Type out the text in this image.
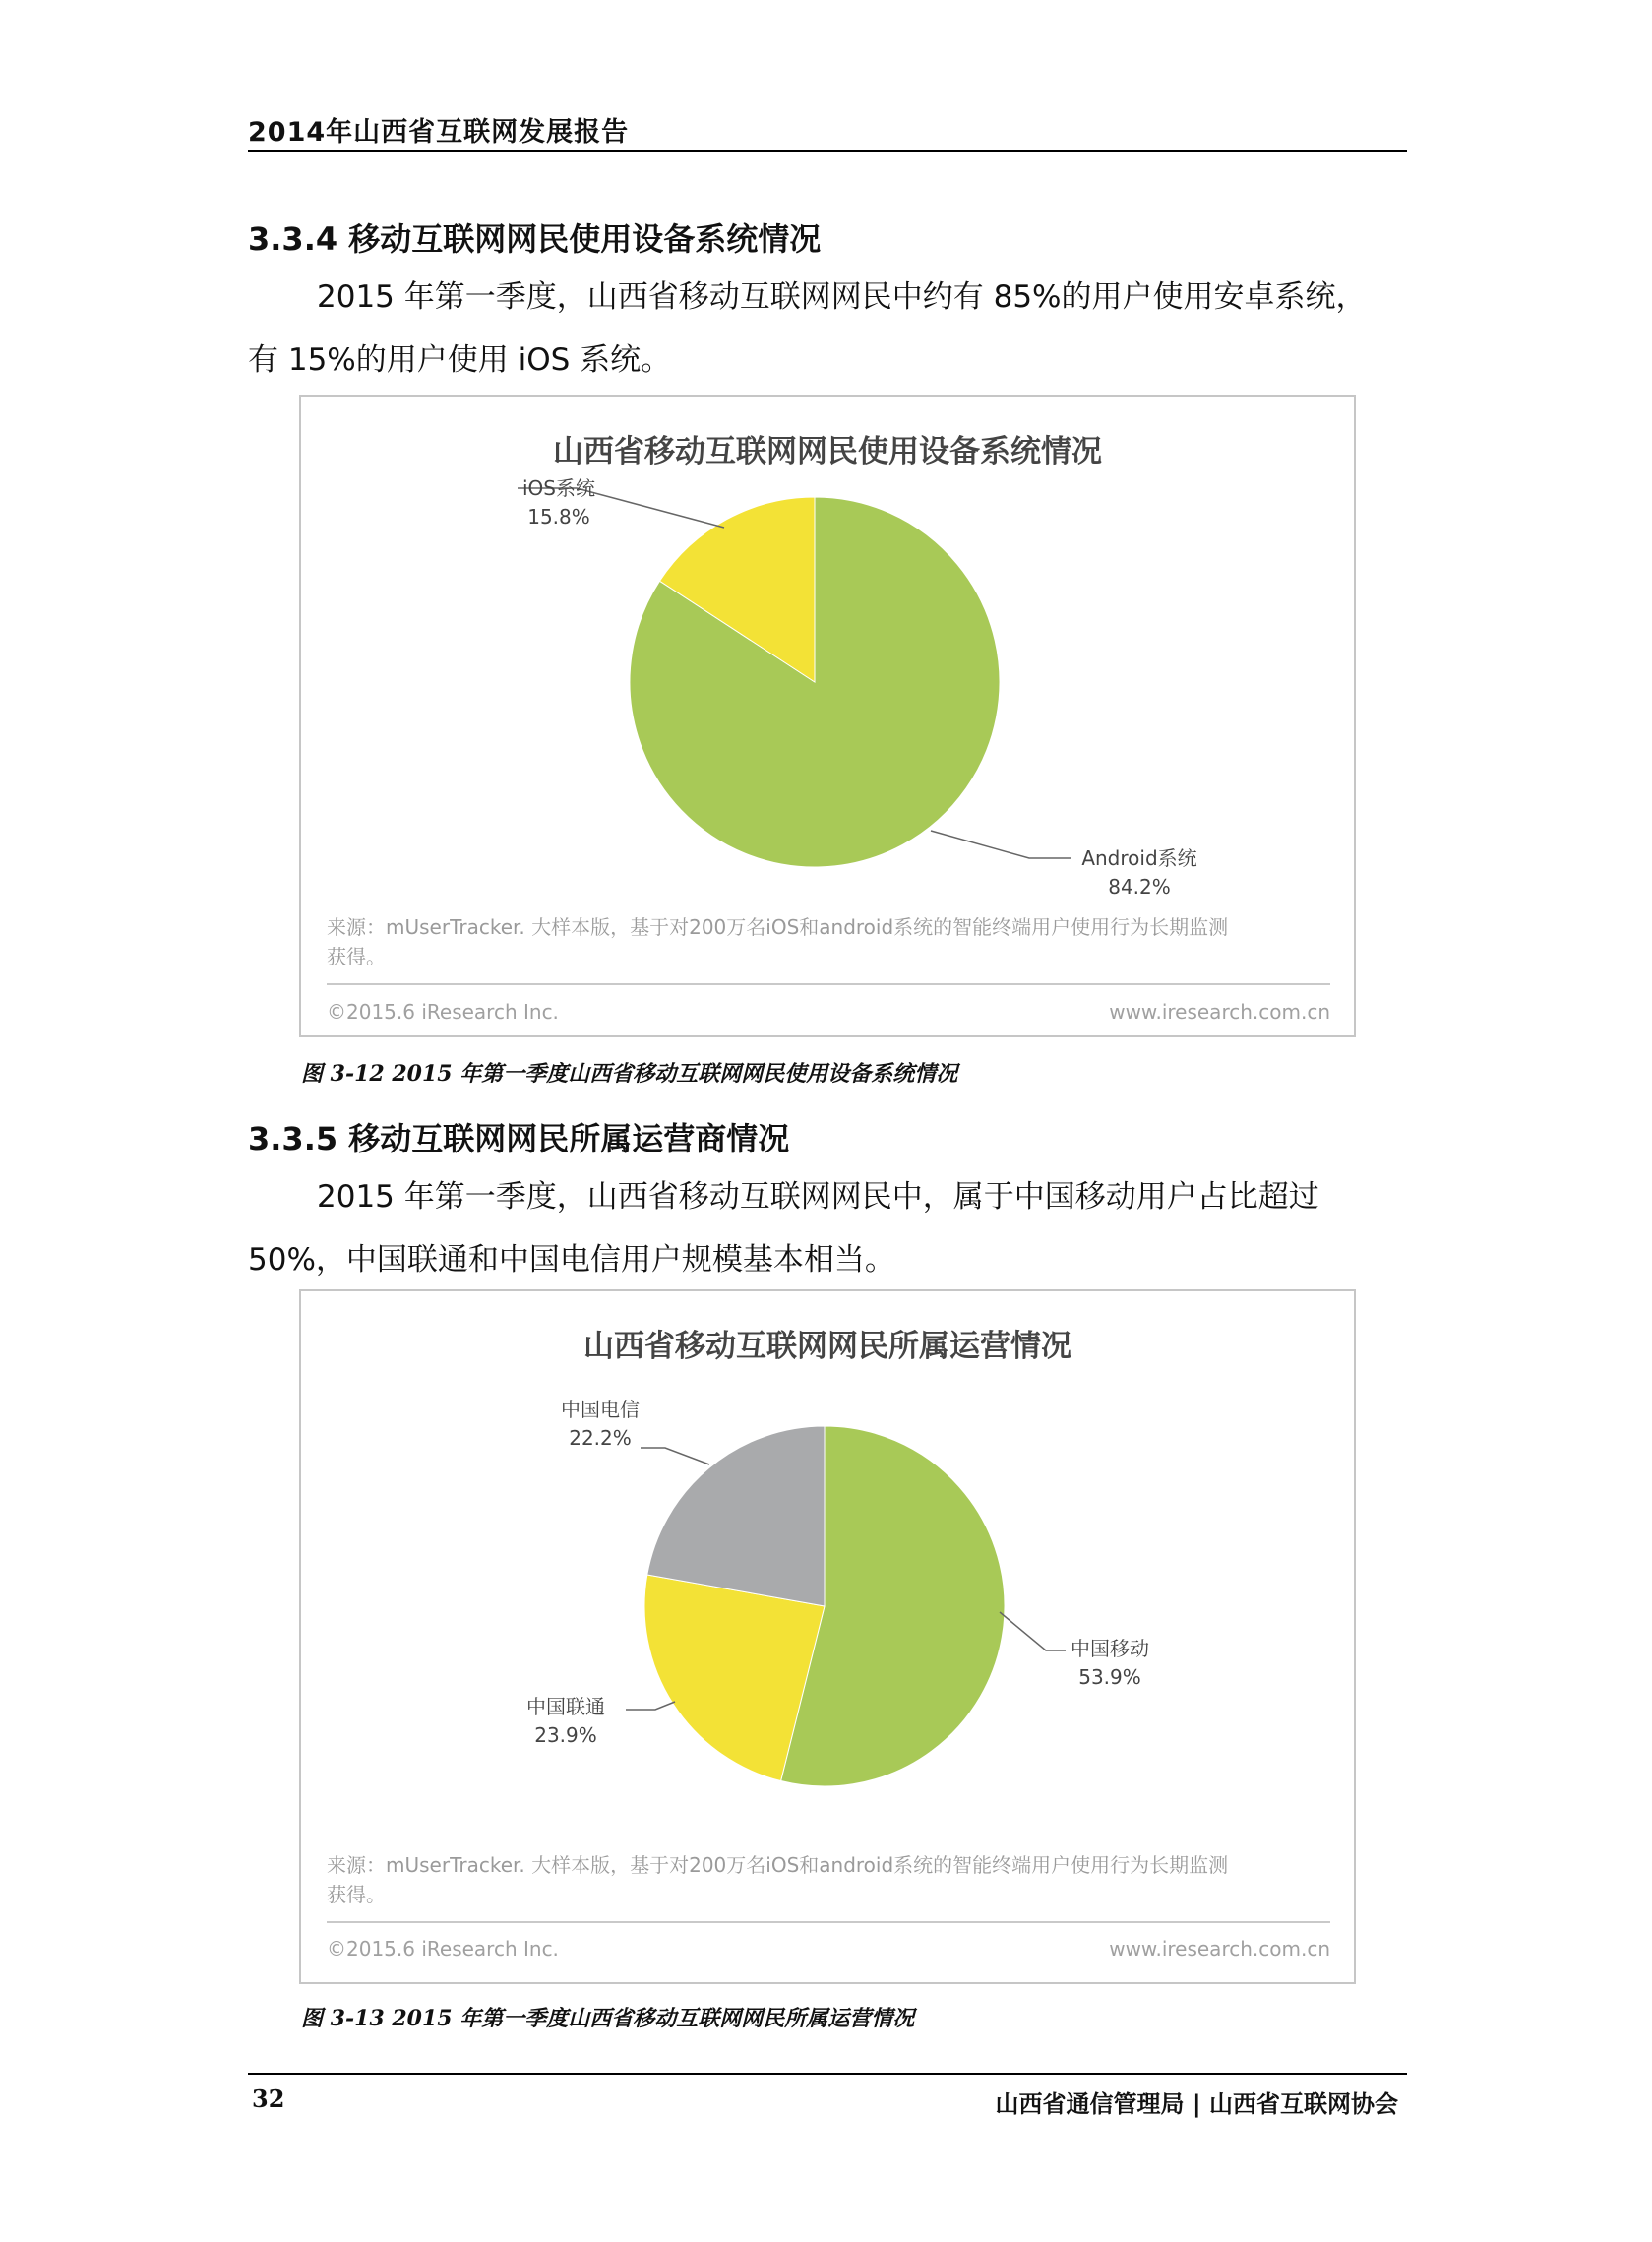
2014年山西省互联网发展报告
3.3.4 移动互联网网民使用设备系统情况
2015 年第一季度，山西省移动互联网网民中约有 85%的用户使用安卓系统，
有 15%的用户使用 iOS 系统。
山西省移动互联网网民使用设备系统情况
iOS系统
15.8%
Android系统
84.2%
来源：mUserTracker. 大样本版，基于对200万名iOS和android系统的智能终端用户使用行为长期监测
获得。
©2015.6 iResearch Inc.	www.iresearch.com.cn
图 3-12 2015 年第一季度山西省移动互联网网民使用设备系统情况
3.3.5 移动互联网网民所属运营商情况
2015 年第一季度，山西省移动互联网网民中，属于中国移动用户占比超过
50%，中国联通和中国电信用户规模基本相当。
山西省移动互联网网民所属运营情况
中国电信
22.2%
中国移动
53.9%
中国联通
23.9%
来源：mUserTracker. 大样本版，基于对200万名iOS和android系统的智能终端用户使用行为长期监测
获得。
©2015.6 iResearch Inc.	www.iresearch.com.cn
图 3-13 2015 年第一季度山西省移动互联网网民所属运营情况
32	山西省通信管理局 | 山西省互联网协会
